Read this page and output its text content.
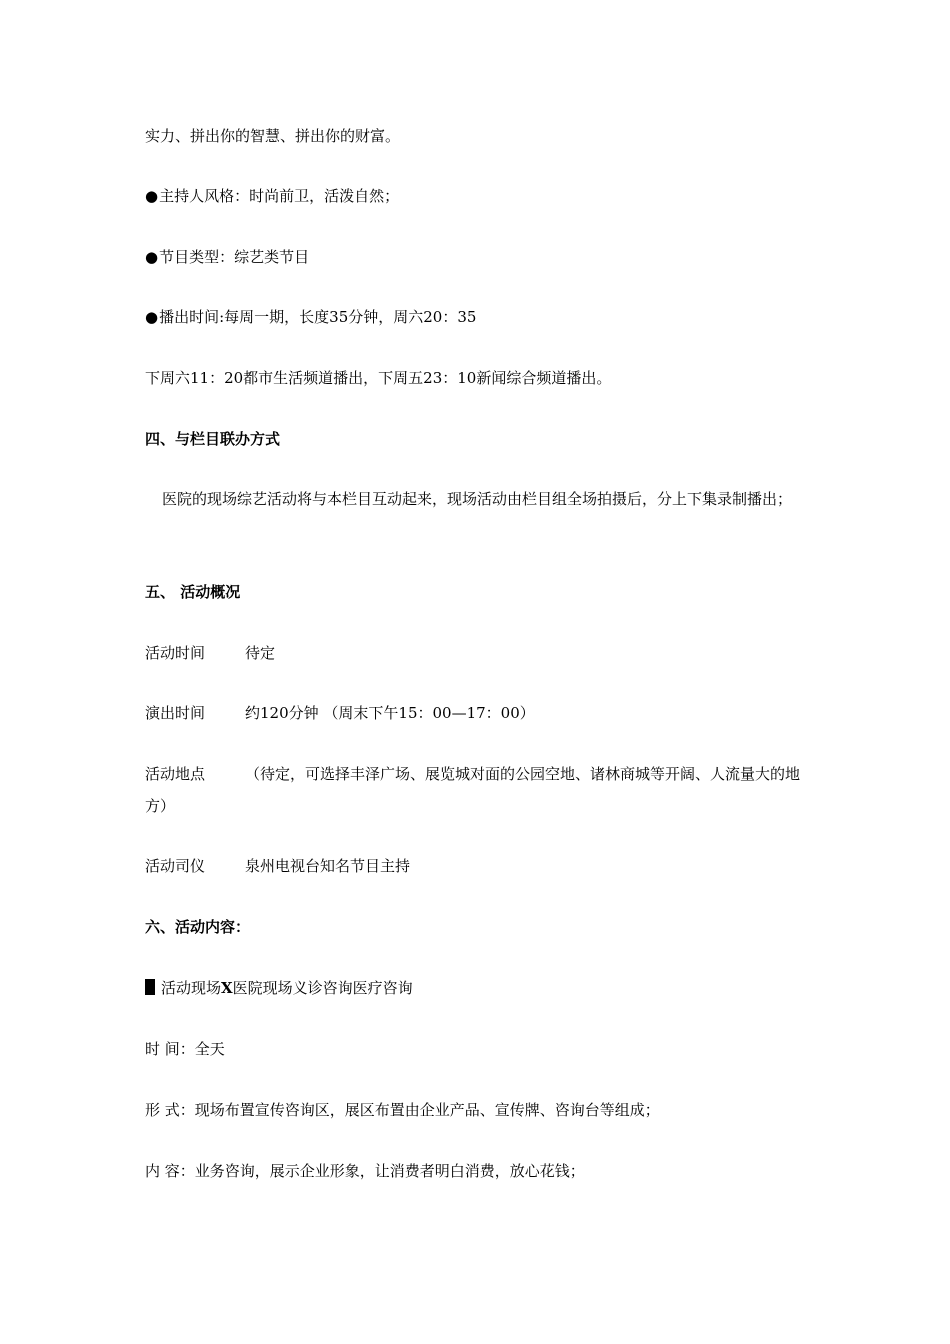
实力、拼出你的智慧、拼出你的财富。
●主持人风格：时尚前卫，活泼自然；
●节目类型：综艺类节目
●播出时间:每周一期，长度35分钟，周六20：35
下周六11：20都市生活频道播出，下周五23：10新闻综合频道播出。
四、与栏目联办方式
医院的现场综艺活动将与本栏目互动起来，现场活动由栏目组全场拍摄后，分上下集录制播出；
五、 活动概况
活动时间	待定
演出时间	约120分钟 （周末下午15：00—17：00）
活动地点	（待定，可选择丰泽广场、展览城对面的公园空地、诸林商城等开阔、人流量大的地方）
活动司仪	泉州电视台知名节目主持
六、活动内容：
活动现场X医院现场义诊咨询医疗咨询
时 间：全天
形 式：现场布置宣传咨询区，展区布置由企业产品、宣传牌、咨询台等组成；
内 容：业务咨询，展示企业形象，让消费者明白消费，放心花钱；
